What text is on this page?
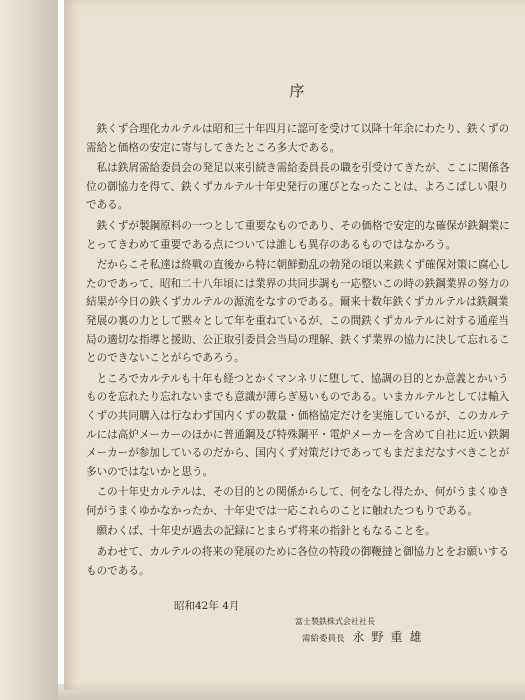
序

鉄くず合理化カルテルは昭和三十年四月に認可を受けて以降十年余にわたり、鉄くずの需給と価格の安定に寄与してきたところ多大である。

私は鉄屑需給委員会の発足以来引続き需給委員長の職を引受けてきたが、ここに関係各位の御協力を得て、鉄くずカルテル十年史発行の運びとなったことは、よろこばしい限りである。

鉄くずが製鋼原料の一つとして重要なものであり、その価格で安定的な確保が鉄鋼業にとってきわめて重要である点については誰しも異存のあるものではなかろう。

だからこそ私達は終戦の直後から特に朝鮮動乱の勃発の頃以来鉄くず確保対策に腐心したのであって、昭和二十八年頃には業界の共同歩調も一応整いこの時の鉄鋼業界の努力の結果が今日の鉄くずカルテルの源流をなすのである。爾来十数年鉄くずカルテルは鉄鋼業発展の裏の力として黙々として年を重ねているが、この間鉄くずカルテルに対する通産当局の適切な指導と援助、公正取引委員会当局の理解、鉄くず業界の協力に決して忘れることのできないことがらであろう。

ところでカルテルも十年も経つとかくマンネリに堕して、協調の目的とか意義とかいうものを忘れたり忘れないまでも意識が薄らぎ易いものである。いまカルテルとしては輸入くずの共同購入は行なわず国内くずの数量・価格協定だけを実施しているが、このカルテルには高炉メーカーのほかに普通鋼及び特殊鋼平・電炉メーカーを含めて自社に近い鉄鋼メーカーが参加しているのだから、国内くず対策だけであってもまだまだなすべきことが多いのではないかと思う。

この十年史カルテルは、その目的との関係からして、何をなし得たか、何がうまくゆき何がうまくゆかなかったか、十年史では一応これらのことに触れたつもりである。

願わくば、十年史が過去の記録にとまらず将来の指針ともなることを。

あわせて、カルテルの将来の発展のために各位の特段の御鞭撻と御協力とをお願いするものである。

昭和42年 4月
富士製鉄株式会社社長
需給委員長 永野重雄
